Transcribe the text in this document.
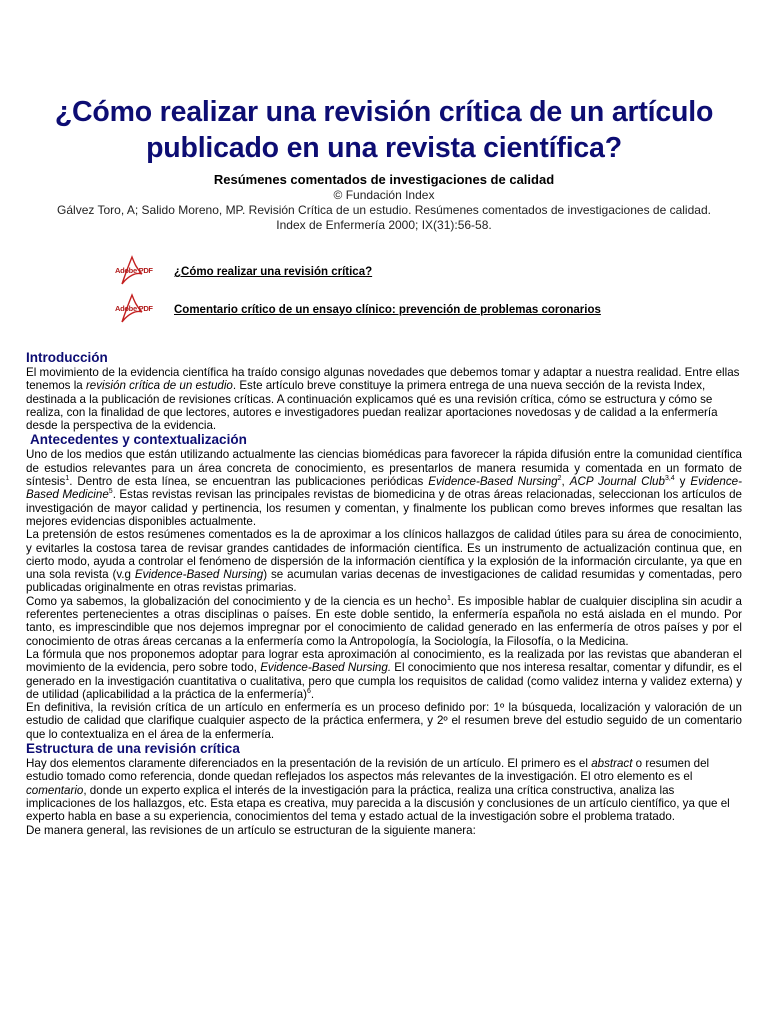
¿Cómo realizar una revisión crítica de un artículo publicado en una revista científica?
Resúmenes comentados de investigaciones de calidad
© Fundación Index
Gálvez Toro, A; Salido Moreno, MP. Revisión Crítica de un estudio. Resúmenes comentados de investigaciones de calidad.
Index de Enfermería 2000; IX(31):56-58.
Adobe PDF ¿Cómo realizar una revisión crítica?
Adobe PDF Comentario crítico de un ensayo clínico: prevención de problemas coronarios
Introducción

El movimiento de la evidencia científica ha traído consigo algunas novedades que debemos tomar y adaptar a nuestra realidad. Entre ellas tenemos la revisión crítica de un estudio. Este artículo breve constituye la primera entrega de una nueva sección de la revista Index, destinada a la publicación de revisiones críticas. A continuación explicamos qué es una revisión crítica, cómo se estructura y cómo se realiza, con la finalidad de que lectores, autores e investigadores puedan realizar aportaciones novedosas y de calidad a la enfermería desde la perspectiva de la evidencia.

Antecedentes y contextualización

Uno de los medios que están utilizando actualmente las ciencias biomédicas para favorecer la rápida difusión entre la comunidad científica de estudios relevantes para un área concreta de conocimiento, es presentarlos de manera resumida y comentada en un formato de síntesis$^1$. Dentro de esta línea, se encuentran las publicaciones periódicas Evidence-Based Nursing$^2$, ACP Journal Club$^{3,4}$ y Evidence-Based Medicine$^5$. Estas revistas revisan las principales revistas de biomedicina y de otras áreas relacionadas, seleccionan los artículos de investigación de mayor calidad y pertinencia, los resumen y comentan, y finalmente los publican como breves informes que resaltan las mejores evidencias disponibles actualmente.

La pretensión de estos resúmenes comentados es la de aproximar a los clínicos hallazgos de calidad útiles para su área de conocimiento, y evitarles la costosa tarea de revisar grandes cantidades de información científica. Es un instrumento de actualización continua que, en cierto modo, ayuda a controlar el fenómeno de dispersión de la información científica y la explosión de la información circulante, ya que en una sola revista (v.g Evidence-Based Nursing) se acumulan varias decenas de investigaciones de calidad resumidas y comentadas, pero publicadas originalmente en otras revistas primarias.

Como ya sabemos, la globalización del conocimiento y de la ciencia es un hecho$^1$. Es imposible hablar de cualquier disciplina sin acudir a referentes pertenecientes a otras disciplinas o países. En este doble sentido, la enfermería española no está aislada en el mundo. Por tanto, es imprescindible que nos dejemos impregnar por el conocimiento de calidad generado en las enfermería de otros países y por el conocimiento de otras áreas cercanas a la enfermería como la Antropología, la Sociología, la Filosofía, o la Medicina.

La fórmula que nos proponemos adoptar para lograr esta aproximación al conocimiento, es la realizada por las revistas que abanderan el movimiento de la evidencia, pero sobre todo, Evidence-Based Nursing. El conocimiento que nos interesa resaltar, comentar y difundir, es el generado en la investigación cuantitativa o cualitativa, pero que cumpla los requisitos de calidad (como validez interna y validez externa) y de utilidad (aplicabilidad a la práctica de la enfermería)$^6$.

En definitiva, la revisión crítica de un artículo en enfermería es un proceso definido por: 1º la búsqueda, localización y valoración de un estudio de calidad que clarifique cualquier aspecto de la práctica enfermera, y 2º el resumen breve del estudio seguido de un comentario que lo contextualiza en el área de la enfermería.

Estructura de una revisión crítica

Hay dos elementos claramente diferenciados en la presentación de la revisión de un artículo. El primero es el abstract o resumen del estudio tomado como referencia, donde quedan reflejados los aspectos más relevantes de la investigación. El otro elemento es el comentario, donde un experto explica el interés de la investigación para la práctica, realiza una crítica constructiva, analiza las implicaciones de los hallazgos, etc. Esta etapa es creativa, muy parecida a la discusión y conclusiones de un artículo científico, ya que el experto habla en base a su experiencia, conocimientos del tema y estado actual de la investigación sobre el problema tratado.

De manera general, las revisiones de un artículo se estructuran de la siguiente manera:
